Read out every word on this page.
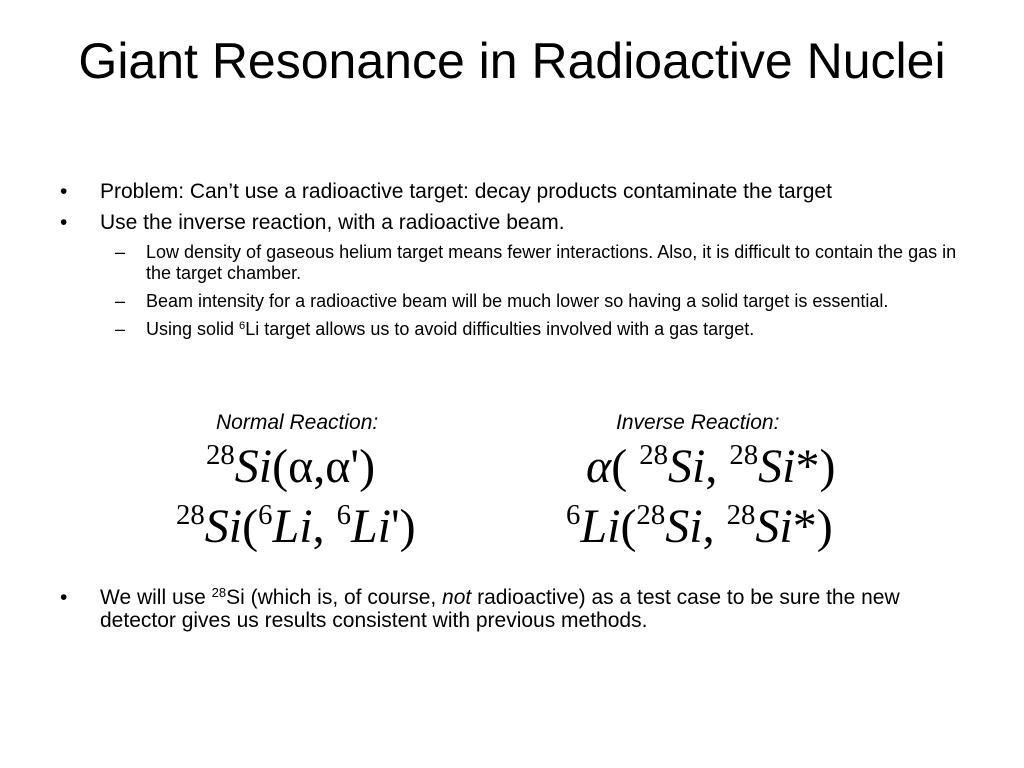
Giant Resonance in Radioactive Nuclei
• Problem: Can’t use a radioactive target: decay products contaminate the target
• Use the inverse reaction, with a radioactive beam.
– Low density of gaseous helium target means fewer interactions. Also, it is difficult to contain the gas in the target chamber.
– Beam intensity for a radioactive beam will be much lower so having a solid target is essential.
– Using solid $^6$Li target allows us to avoid difficulties involved with a gas target.
Normal Reaction:	Inverse Reaction:
$^{28}$Si(α,α')
$^{28}$Si($^6$Li, $^6$Li')
α( $^{28}$Si, $^{28}$Si*)
$^6$Li($^{28}$Si, $^{28}$Si*)
• We will use $^{28}$Si (which is, of course, not radioactive) as a test case to be sure the new detector gives us results consistent with previous methods.
